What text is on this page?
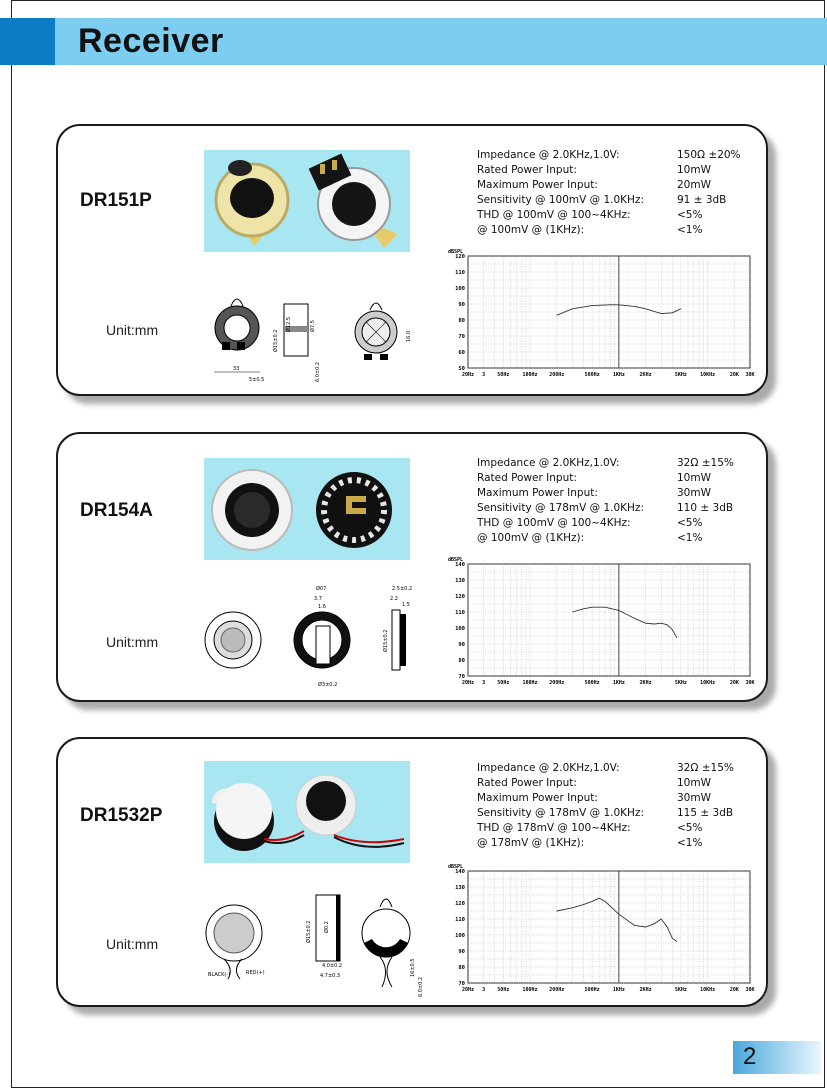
Receiver
DR151P
Unit:mm
33
5±0.5
Ø15±0.2
Ø12.5	Ø7.5
6.0±0.2
16.0
Impedance @ 2.0KHz,1.0V:	150Ω ±20%
Rated Power Input:	10mW
Maximum Power Input:	20mW
Sensitivity @ 100mV @ 1.0KHz:	91 ± 3dB
THD @ 100mV @ 100~4KHz:	<5%
@ 100mV @ (1KHz):	<1%
120
110
100
90
80
70
60
50
dBSPL
20Hz 3 50Hz	100Hz 200Hz	500Hz	1KHz	2KHz	5KHz	10KHz	20K 30K
DR154A
Unit:mm
Ø07
3.7
1.6
Ø3±0.2
2.5±0.2
2.2
1.5
Ø15±0.2
Impedance @ 2.0KHz,1.0V:	32Ω ±15%
Rated Power Input:	10mW
Maximum Power Input:	30mW
Sensitivity @ 178mV @ 1.0KHz:	110 ± 3dB
THD @ 100mV @ 100~4KHz:	<5%
@ 100mV @ (1KHz):	<1%
140
130
120
110
100
90
80
70
dBSPL
20Hz 3 50Hz	100Hz 200Hz	500Hz	1KHz	2KHz	5KHz	10KHz	20K 30K
DR1532P
Unit:mm
BLACK(-)	RED(+)
Ø15±0.2 Ø0.2
4.0±0.2
4.7±0.3	16±0.5
6.0±0.2
Impedance @ 2.0KHz,1.0V:	32Ω ±15%
Rated Power Input:	10mW
Maximum Power Input:	30mW
Sensitivity @ 178mV @ 1.0KHz:	115 ± 3dB
THD @ 178mV @ 100~4KHz:	<5%
@ 178mV @ (1KHz):	<1%
140
130
120
110
100
90
80
70
dBSPL
20Hz 3 50Hz	100Hz 200Hz	500Hz	1KHz	2KHz	5KHz	10KHz	20K 30K
2
